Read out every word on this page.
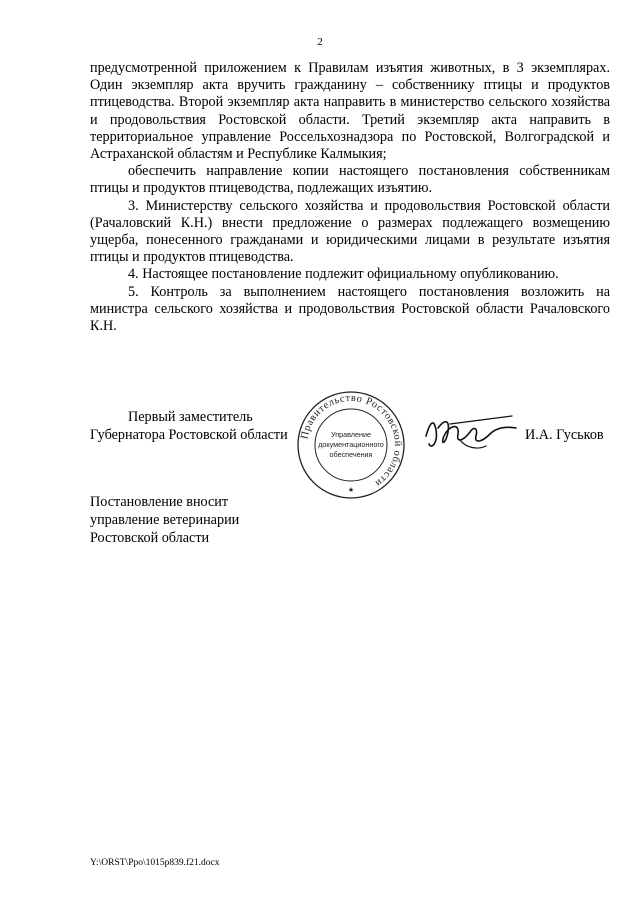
2

предусмотренной приложением к Правилам изъятия животных, в 3 экземплярах. Один экземпляр акта вручить гражданину – собственнику птицы и продуктов птицеводства. Второй экземпляр акта направить в министерство сельского хозяйства и продовольствия Ростовской области. Третий экземпляр акта направить в территориальное управление Россельхознадзора по Ростовской, Волгоградской и Астраханской областям и Республике Калмыкия;

обеспечить направление копии настоящего постановления собственникам птицы и продуктов птицеводства, подлежащих изъятию.

3. Министерству сельского хозяйства и продовольствия Ростовской области (Рачаловский К.Н.) внести предложение о размерах подлежащего возмещению ущерба, понесенного гражданами и юридическими лицами в результате изъятия птицы и продуктов птицеводства.

4. Настоящее постановление подлежит официальному опубликованию.

5. Контроль за выполнением настоящего постановления возложить на министра сельского хозяйства и продовольствия Ростовской области Рачаловского К.Н.

Первый заместитель
Губернатора Ростовской области Правительство Ростовской области
Управление
документационного
обеспечения
★
И.А. Гуськов
Постановление вносит
управление ветеринарии
Ростовской области
Y:\ORST\Ppo\1015p839.f21.docx
